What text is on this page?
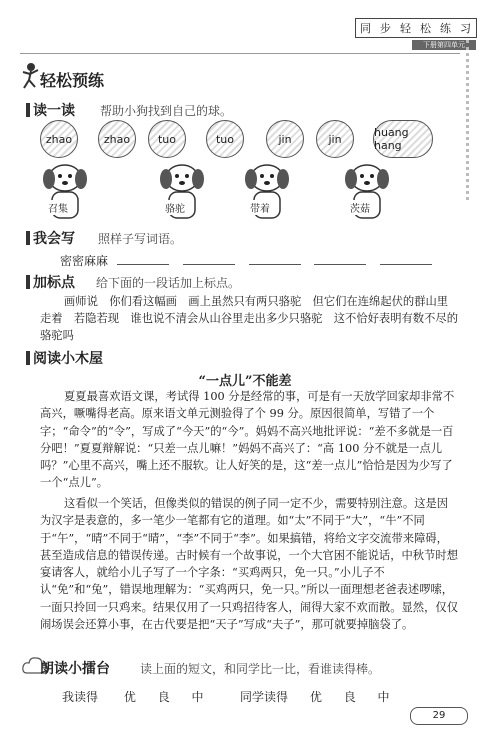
同 步 轻 松 练 习
下册第四单元
轻松预练
读一读 帮助小狗找到自己的球。
zhao	zhao	tuo	tuo	jin	jin	huang hang
召集	骆驼	带着	茨菇
我会写 照样子写词语。
密密麻麻
加标点 给下面的一段话加上标点。
画师说　你们看这幅画　画上虽然只有两只骆驼　但它们在连绵起伏的群山里走着　若隐若现　谁也说不清会从山谷里走出多少只骆驼　这不恰好表明有数不尽的骆驼吗
阅读小木屋
“一点儿”不能差
夏夏最喜欢语文课，考试得 100 分是经常的事，可是有一天放学回家却非常不高兴，噘嘴得老高。原来语文单元测验得了个 99 分。原因很简单，写错了一个字；“命令”的“令”，写成了“今天”的“今”。妈妈不高兴地批评说：“差不多就是一百分吧！”夏夏辩解说：“只差一点儿嘛！”妈妈不高兴了：“高 100 分不就是一点儿吗？”心里不高兴，嘴上还不服软。让人好笑的是，这“差一点儿”恰恰是因为少写了一个“点儿”。
这看似一个笑话，但像类似的错误的例子同一定不少，需要特别注意。这是因为汉字是表意的，多一笔少一笔都有它的道理。如“太”不同于“大”，“牛”不同于“午”，“晴”不同于“晴”，“李”不同于“李”。如果搞错，将给文字交流带来障碍，甚至造成信息的错误传递。古时候有一个故事说，一个大官困不能说话，中秋节时想宴请客人，就给小儿子写了一个字条：“买鸡两只，免一只。”小儿子不认“免”和“兔”，错误地理解为：“买鸡两只，免一只。”所以一面理想老爸表述啰嗦，一面只拎回一只鸡来。结果仅用了一只鸡招待客人，闹得大家不欢而散。显然，仅仅闹场误会还算小事，在古代要是把“天子”写成“夫子”，那可就要掉脑袋了。
朗读小擂台	读上面的短文，和同学比一比，看谁读得棒。
我读得 优 良 中	同学读得 优 良 中
29
